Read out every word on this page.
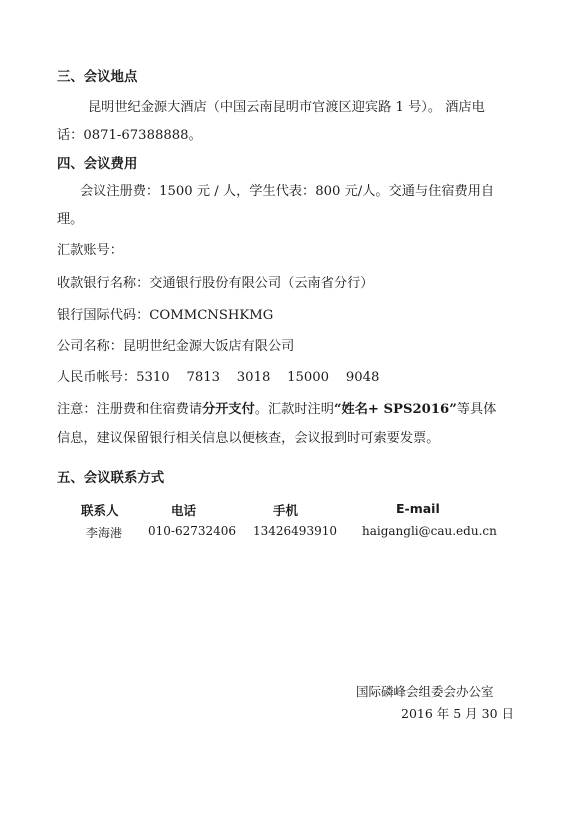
三、会议地点
昆明世纪金源大酒店（中国云南昆明市官渡区迎宾路 1 号）。 酒店电
话：0871-67388888。
四、会议费用
会议注册费：1500 元 / 人，学生代表：800 元/人。交通与住宿费用自
理。
汇款账号：
收款银行名称：交通银行股份有限公司（云南省分行）
银行国际代码：COMMCNSHKMG
公司名称：昆明世纪金源大饭店有限公司
人民币帐号：5310    7813    3018    15000    9048
注意：注册费和住宿费请分开支付。汇款时注明“姓名+ SPS2016”等具体
信息，建议保留银行相关信息以便核查，会议报到时可索要发票。
五、会议联系方式
联系人	电话	手机	E-mail
李海港 010-62732406 13426493910 haigangli@cau.edu.cn
国际磷峰会组委会办公室
2016 年 5 月 30 日
